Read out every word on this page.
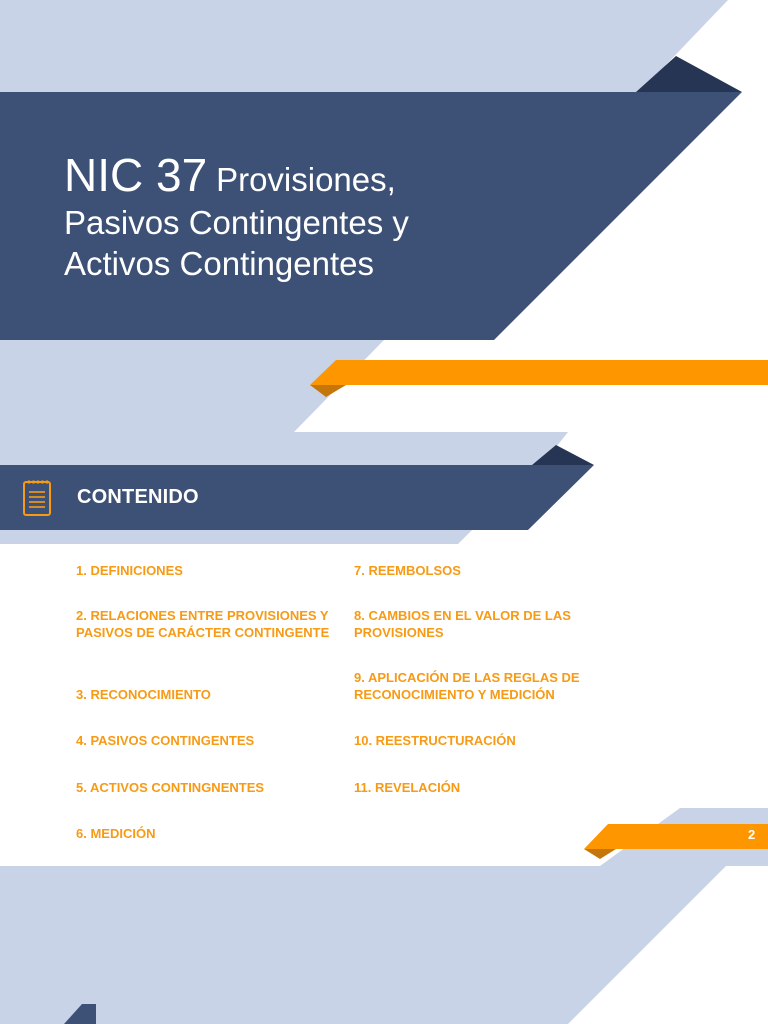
NIC 37 Provisiones,
Pasivos Contingentes y
Activos Contingentes
CONTENIDO
1. DEFINICIONES
2. RELACIONES ENTRE PROVISIONES Y PASIVOS DE CARÁCTER CONTINGENTE
3. RECONOCIMIENTO
4. PASIVOS CONTINGENTES
5. ACTIVOS CONTINGNENTES
6. MEDICIÓN
7. REEMBOLSOS
8. CAMBIOS EN EL VALOR DE LAS PROVISIONES
9. APLICACIÓN DE LAS REGLAS DE RECONOCIMIENTO Y MEDICIÓN
10. REESTRUCTURACIÓN
11. REVELACIÓN
2
